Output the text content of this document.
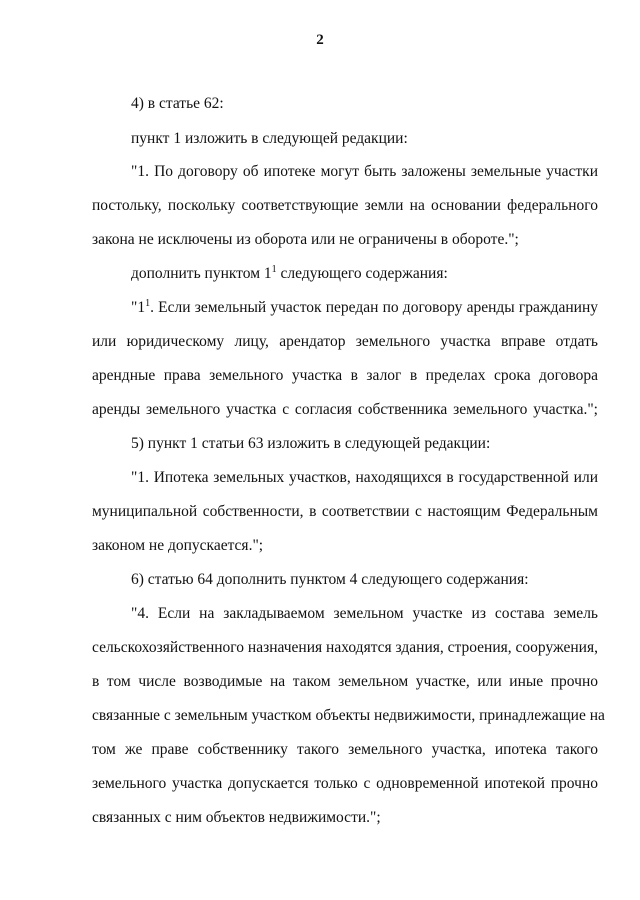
2
4) в статье 62:
пункт 1 изложить в следующей редакции:
"1. По договору об ипотеке могут быть заложены земельные участки
постольку, поскольку соответствующие земли на основании федерального
закона не исключены из оборота или не ограничены в обороте.";
дополнить пунктом $1^1$ следующего содержания:
"$1^1$. Если земельный участок передан по договору аренды гражданину
или юридическому лицу, арендатор земельного участка вправе отдать
арендные права земельного участка в залог в пределах срока договора
аренды земельного участка с согласия собственника земельного участка.";
5) пункт 1 статьи 63 изложить в следующей редакции:
"1. Ипотека земельных участков, находящихся в государственной или
муниципальной собственности, в соответствии с настоящим Федеральным
законом не допускается.";
6) статью 64 дополнить пунктом 4 следующего содержания:
"4. Если на закладываемом земельном участке из состава земель
сельскохозяйственного назначения находятся здания, строения, сооружения,
в том числе возводимые на таком земельном участке, или иные прочно
связанные с земельным участком объекты недвижимости, принадлежащие на
том же праве собственнику такого земельного участка, ипотека такого
земельного участка допускается только с одновременной ипотекой прочно
связанных с ним объектов недвижимости.";
